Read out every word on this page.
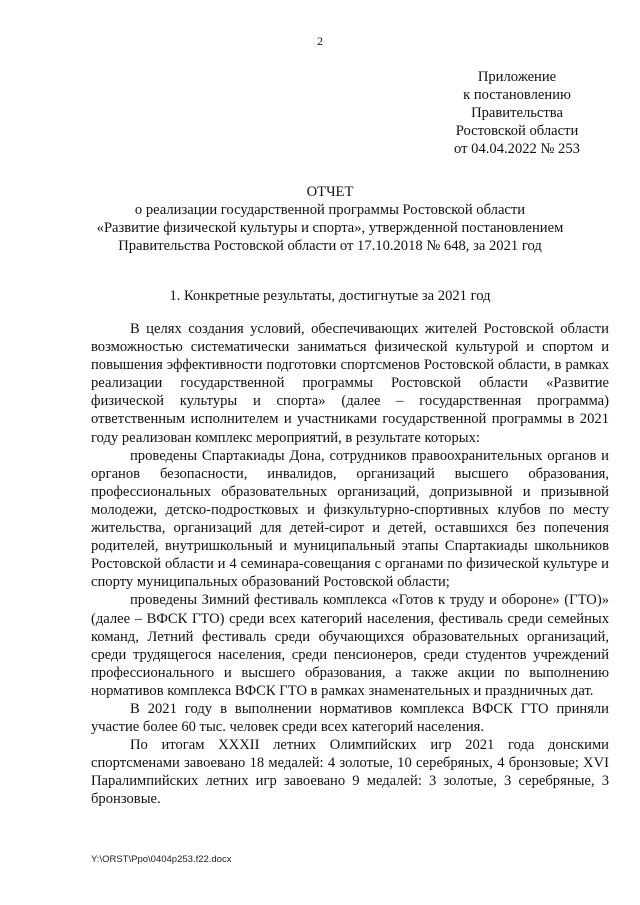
2
Приложение
к постановлению
Правительства
Ростовской области
от 04.04.2022 № 253
ОТЧЕТ
о реализации государственной программы Ростовской области
«Развитие физической культуры и спорта», утвержденной постановлением
Правительства Ростовской области от 17.10.2018 № 648, за 2021 год
1. Конкретные результаты, достигнутые за 2021 год

В целях создания условий, обеспечивающих жителей Ростовской области возможностью систематически заниматься физической культурой и спортом и повышения эффективности подготовки спортсменов Ростовской области, в рамках реализации государственной программы Ростовской области «Развитие физической культуры и спорта» (далее – государственная программа) ответственным исполнителем и участниками государственной программы в 2021 году реализован комплекс мероприятий, в результате которых:

проведены Спартакиады Дона, сотрудников правоохранительных органов и органов безопасности, инвалидов, организаций высшего образования, профессиональных образовательных организаций, допризывной и призывной молодежи, детско-подростковых и физкультурно-спортивных клубов по месту жительства, организаций для детей-сирот и детей, оставшихся без попечения родителей, внутришкольный и муниципальный этапы Спартакиады школьников Ростовской области и 4 семинара-совещания с органами по физической культуре и спорту муниципальных образований Ростовской области;

проведены Зимний фестиваль комплекса «Готов к труду и обороне» (ГТО)» (далее – ВФСК ГТО) среди всех категорий населения, фестиваль среди семейных команд, Летний фестиваль среди обучающихся образовательных организаций, среди трудящегося населения, среди пенсионеров, среди студентов учреждений профессионального и высшего образования, а также акции по выполнению нормативов комплекса ВФСК ГТО в рамках знаменательных и праздничных дат.

В 2021 году в выполнении нормативов комплекса ВФСК ГТО приняли участие более 60 тыс. человек среди всех категорий населения.

По итогам XXXII летних Олимпийских игр 2021 года донскими спортсменами завоевано 18 медалей: 4 золотые, 10 серебряных, 4 бронзовые; XVI Паралимпийских летних игр завоевано 9 медалей: 3 золотые, 3 серебряные, 3 бронзовые.

Y:\ORST\Ppo\0404p253.f22.docx
